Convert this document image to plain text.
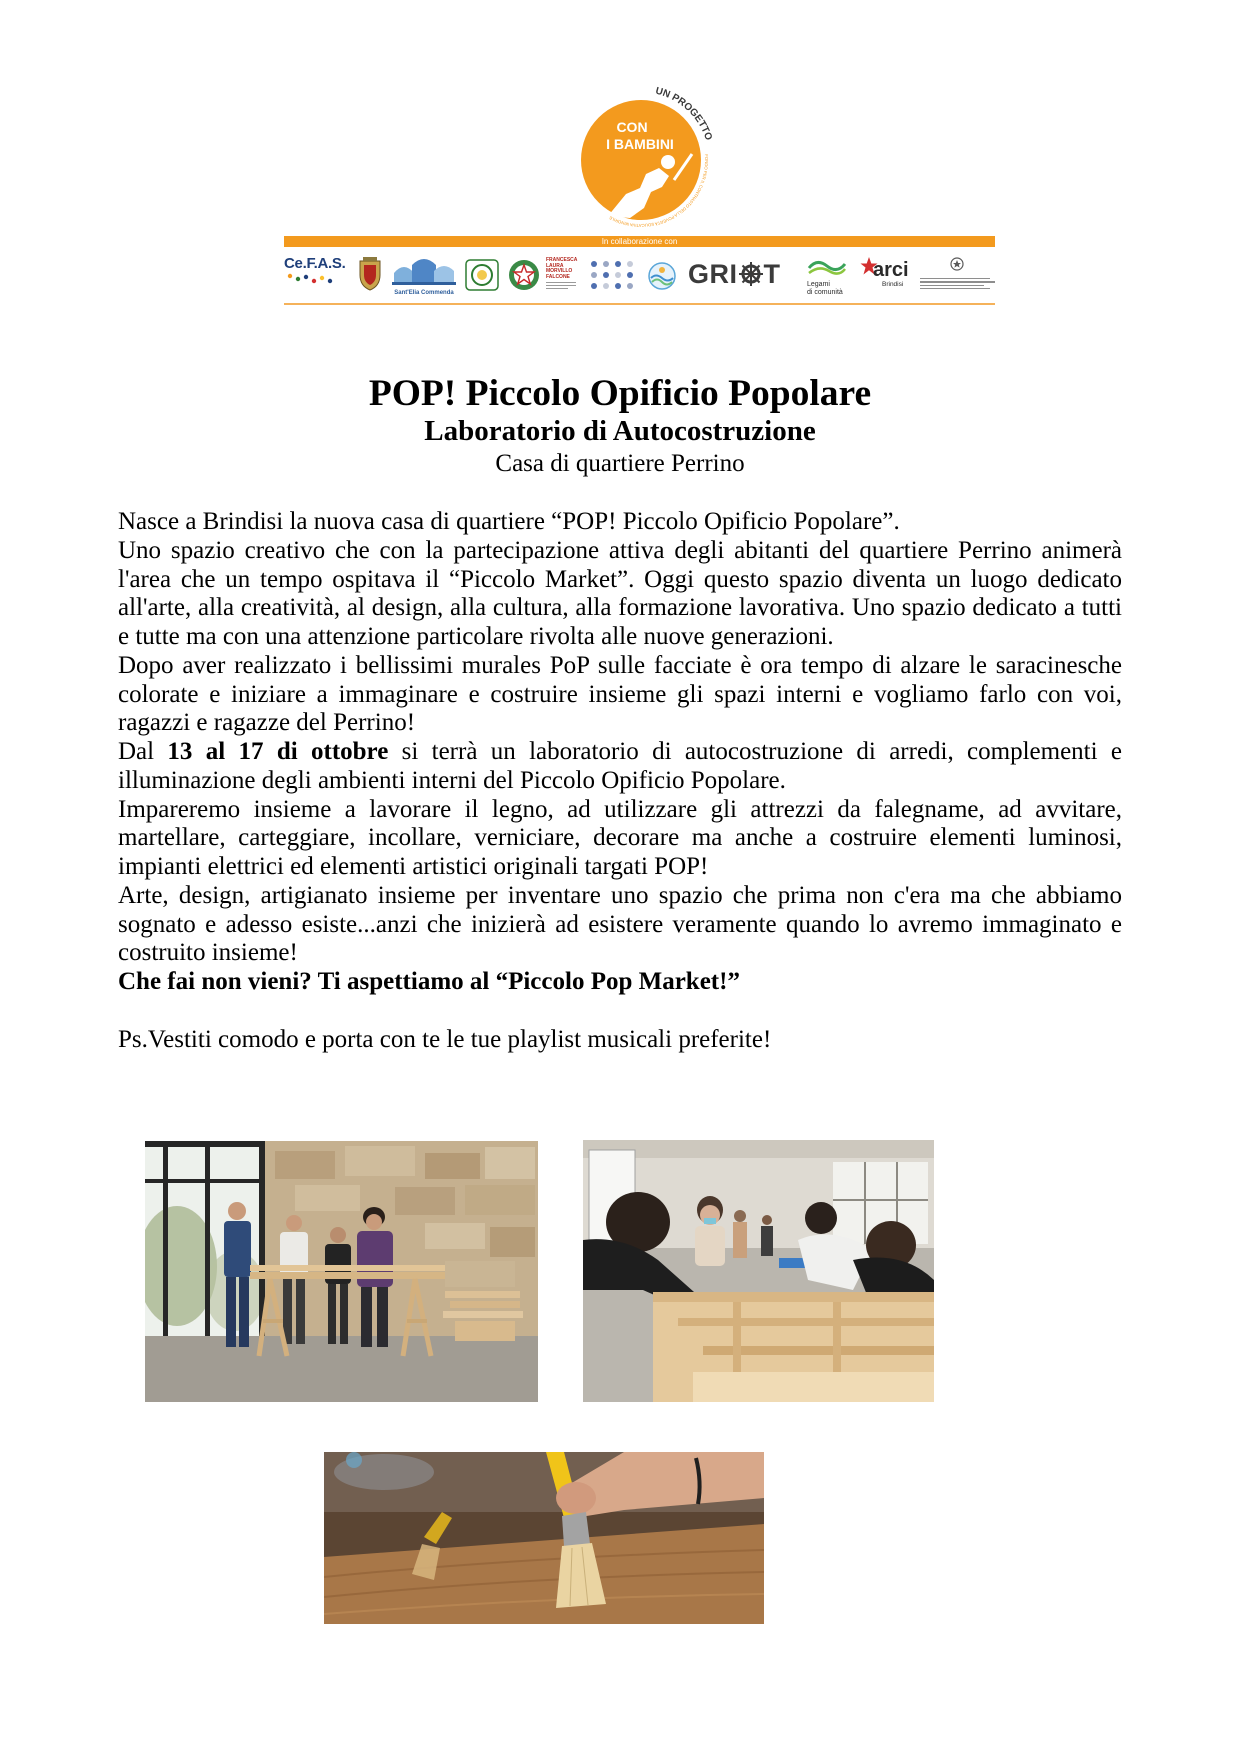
CON
I BAMBINI
UN PROGETTO
FONDO PER IL CONTRASTO DELLA POVERTÀ EDUCATIVA MINORILE
In collaborazione con
Ce.F.A.S.
Sant'Elia Commenda
FRANCESCA
LAURA
MORVILLO
FALCONE	GRI T	Legami
di comunità
arci
Brindisi
POP! Piccolo Opificio Popolare
Laboratorio di Autocostruzione
Casa di quartiere Perrino

Nasce a Brindisi la nuova casa di quartiere “POP! Piccolo Opificio Popolare”.

Uno spazio creativo che con la partecipazione attiva degli abitanti del quartiere Perrino animerà l'area che un tempo ospitava il “Piccolo Market”. Oggi questo spazio diventa un luogo dedicato all'arte, alla creatività, al design, alla cultura, alla formazione lavorativa. Uno spazio dedicato a tutti e tutte ma con una attenzione particolare rivolta alle nuove generazioni.

Dopo aver realizzato i bellissimi murales PoP sulle facciate è ora tempo di alzare le saracinesche colorate e iniziare a immaginare e costruire insieme gli spazi interni e vogliamo farlo con voi, ragazzi e ragazze del Perrino!

Dal 13 al 17 di ottobre si terrà un laboratorio di autocostruzione di arredi, complementi e illuminazione degli ambienti interni del Piccolo Opificio Popolare.

Impareremo insieme a lavorare il legno, ad utilizzare gli attrezzi da falegname, ad avvitare, martellare, carteggiare, incollare, verniciare, decorare ma anche a costruire elementi luminosi, impianti elettrici ed elementi artistici originali targati POP!

Arte, design, artigianato insieme per inventare uno spazio che prima non c'era ma che abbiamo sognato e adesso esiste...anzi che inizierà ad esistere veramente quando lo avremo immaginato e costruito insieme!

Che fai non vieni? Ti aspettiamo al “Piccolo Pop Market!”

Ps.Vestiti comodo e porta con te le tue playlist musicali preferite!
